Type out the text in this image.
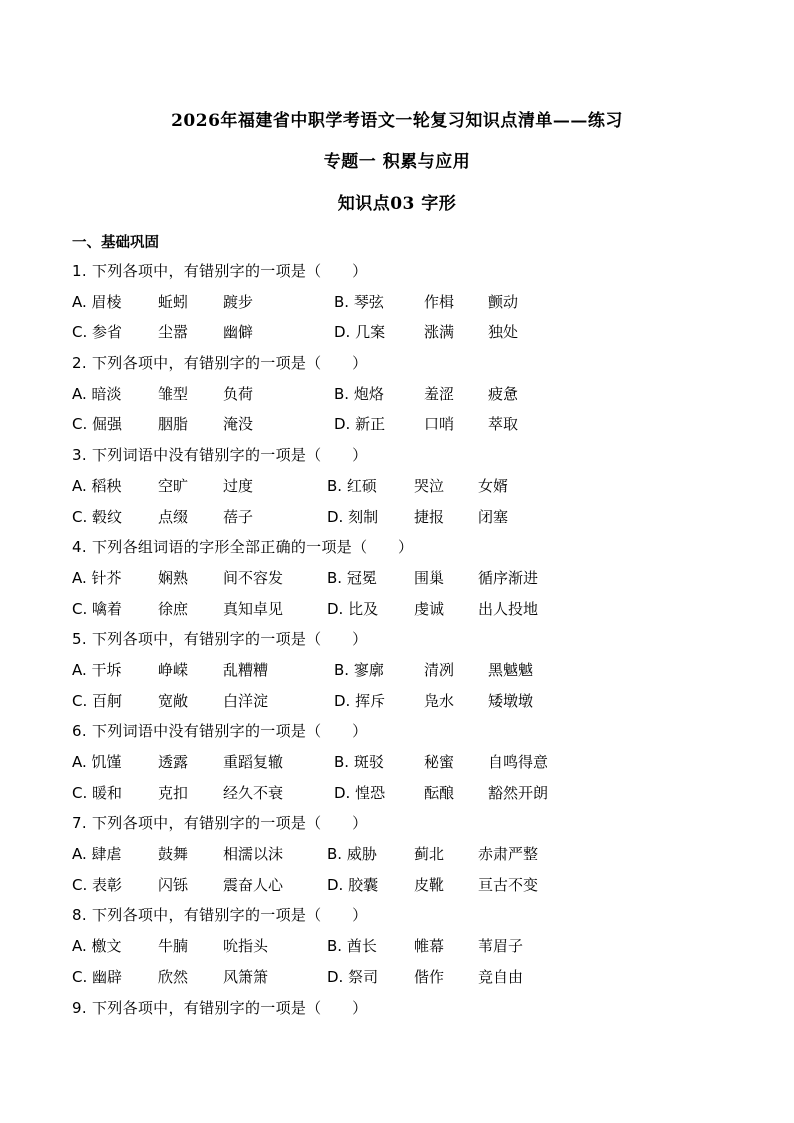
2026年福建省中职学考语文一轮复习知识点清单——练习
专题一 积累与应用
知识点03 字形
一、基础巩固
1. 下列各项中，有错别字的一项是（　　）
A. 眉棱 蚯蚓 踱步	B. 琴弦	作楫 颤动
C. 参省 尘嚣 幽僻	D. 几案	涨满 独处
2. 下列各项中，有错别字的一项是（　　）
A. 暗淡 雏型 负荷	B. 炮烙	羞涩 疲惫
C. 倔强 胭脂 淹没	D. 新正	口哨 萃取
3. 下列词语中没有错别字的一项是（　　）
A. 稻秧 空旷 过度	B. 红硕 哭泣 女婿
C. 毂纹 点缀 蓓子	D. 刻制 捷报 闭塞
4. 下列各组词语的字形全部正确的一项是（　　）
A. 针芥 娴熟 间不容发	B. 冠冕 围巢 循序渐进
C. 噙着 徐庶 真知卓见	D. 比及 虔诚 出人投地
5. 下列各项中，有错别字的一项是（　　）
A. 干坼 峥嵘 乱糟糟	B. 寥廓	清冽 黑魆魆
C. 百舸 宽敞 白洋淀	D. 挥斥	凫水 矮墩墩
6. 下列词语中没有错别字的一项是（　　）
A. 饥馑 透露 重蹈复辙	B. 斑驳	秘蜜 自鸣得意
C. 暖和 克扣 经久不衰	D. 惶恐	酝酿 豁然开朗
7. 下列各项中，有错别字的一项是（　　）
A. 肆虐 鼓舞 相濡以沫	B. 威胁 蓟北 赤肃严整
C. 表彰 闪铄 震奋人心	D. 胶囊 皮靴 亘古不变
8. 下列各项中，有错别字的一项是（　　）
A. 檄文 牛腩 吮指头	B. 酋长 帷幕 苇眉子
C. 幽辟 欣然 风箫箫	D. 祭司 偕作 竞自由
9. 下列各项中，有错别字的一项是（　　）
